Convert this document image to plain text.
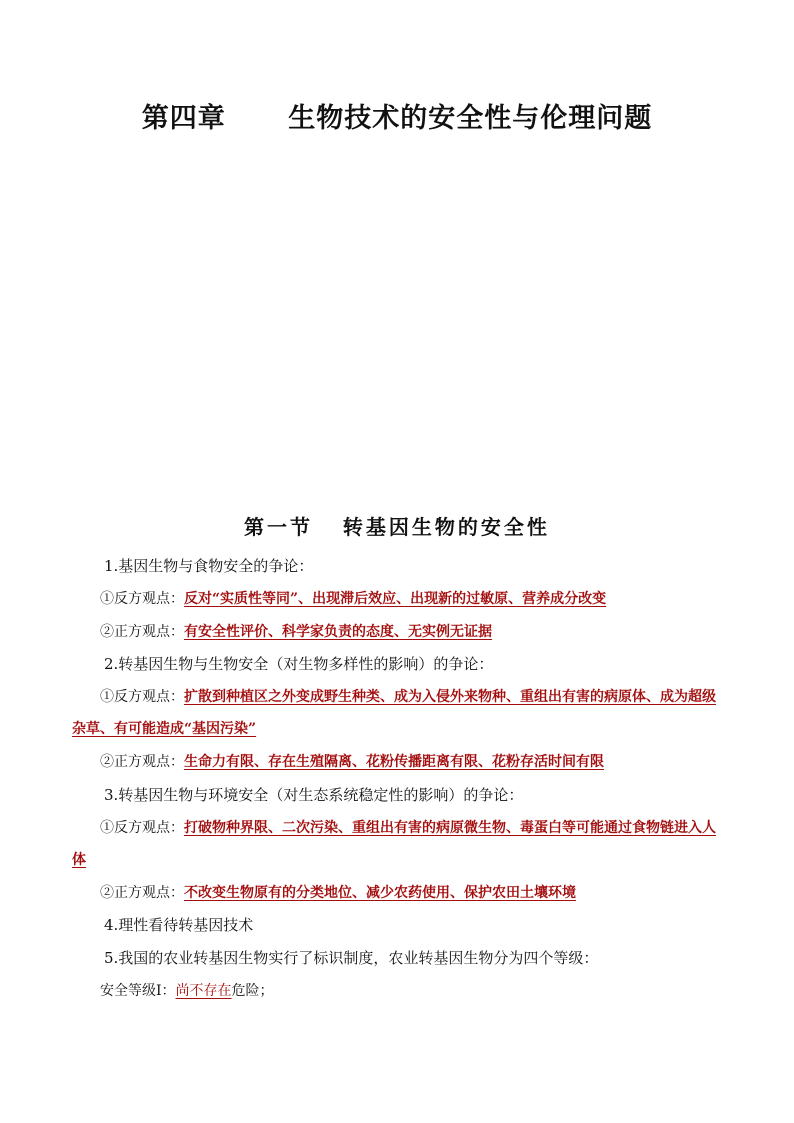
第四章      生物技术的安全性与伦理问题
第一节   转基因生物的安全性
1.基因生物与食物安全的争论：
①反方观点：反对“实质性等同”、出现滞后效应、出现新的过敏原、营养成分改变
②正方观点：有安全性评价、科学家负责的态度、无实例无证据
2.转基因生物与生物安全（对生物多样性的影响）的争论：
①反方观点：扩散到种植区之外变成野生种类、成为入侵外来物种、重组出有害的病原体、成为超级
杂草、有可能造成“基因污染”
②正方观点：生命力有限、存在生殖隔离、花粉传播距离有限、花粉存活时间有限
3.转基因生物与环境安全（对生态系统稳定性的影响）的争论：
①反方观点：打破物种界限、二次污染、重组出有害的病原微生物、毒蛋白等可能通过食物链进入人
体
②正方观点：不改变生物原有的分类地位、减少农药使用、保护农田土壤环境
4.理性看待转基因技术
5.我国的农业转基因生物实行了标识制度，农业转基因生物分为四个等级：
安全等级Ⅰ：尚不存在危险；
